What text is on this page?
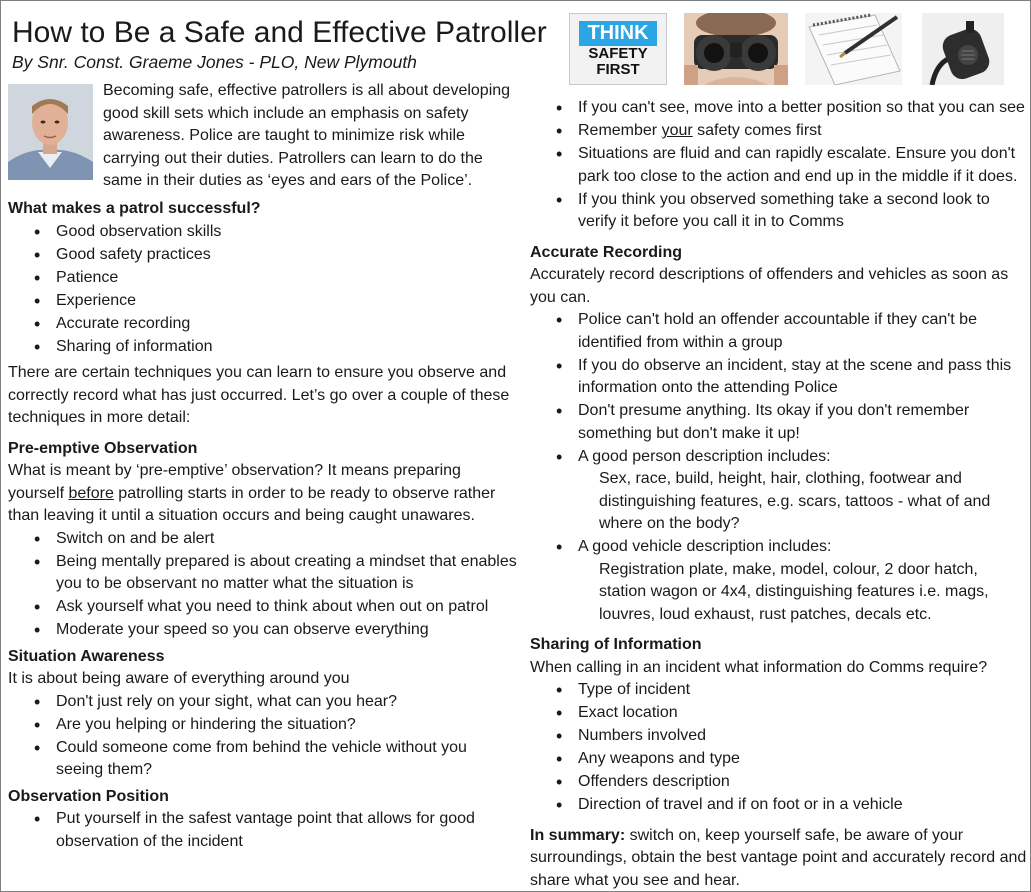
THINK
SAFETY
FIRST
How to Be a Safe and Effective Patroller
By Snr. Const. Graeme Jones - PLO, New Plymouth

Becoming safe, effective patrollers is all about developing good skill sets which include an emphasis on safety awareness. Police are taught to minimize risk while carrying out their duties. Patrollers can learn to do the same in their duties as ‘eyes and ears of the Police’.

What makes a patrol successful?
• Good observation skills
• Good safety practices
• Patience
• Experience
• Accurate recording
• Sharing of information

There are certain techniques you can learn to ensure you observe and correctly record what has just occurred. Let’s go over a couple of these techniques in more detail:

Pre-emptive Observation

What is meant by ‘pre-emptive’ observation? It means preparing yourself before patrolling starts in order to be ready to observe rather than leaving it until a situation occurs and being caught unawares.

• Switch on and be alert
• Being mentally prepared is about creating a mindset that enables you to be observant no matter what the situation is
• Ask yourself what you need to think about when out on patrol
• Moderate your speed so you can observe everything
Situation Awareness

It is about being aware of everything around you

• Don't just rely on your sight, what can you hear?
• Are you helping or hindering the situation?
• Could someone come from behind the vehicle without you seeing them?
Observation Position
• Put yourself in the safest vantage point that allows for good observation of the incident
• If you can't see, move into a better position so that you can see
• Remember your safety comes first
• Situations are fluid and can rapidly escalate. Ensure you don't park too close to the action and end up in the middle if it does.
• If you think you observed something take a second look to verify it before you call it in to Comms
Accurate Recording

Accurately record descriptions of offenders and vehicles as soon as you can.

• Police can't hold an offender accountable if they can't be identified from within a group
• If you do observe an incident, stay at the scene and pass this information onto the attending Police
• Don't presume anything. Its okay if you don't remember something but don't make it up!
• A good person description includes:
Sex, race, build, height, hair, clothing, footwear and distinguishing features, e.g. scars, tattoos - what of and where on the body?
• A good vehicle description includes:
Registration plate, make, model, colour, 2 door hatch, station wagon or 4x4, distinguishing features i.e. mags, louvres, loud exhaust, rust patches, decals etc.
Sharing of Information

When calling in an incident what information do Comms require?

• Type of incident
• Exact location
• Numbers involved
• Any weapons and type
• Offenders description
• Direction of travel and if on foot or in a vehicle

In summary: switch on, keep yourself safe, be aware of your surroundings, obtain the best vantage point and accurately record and share what you see and hear.
